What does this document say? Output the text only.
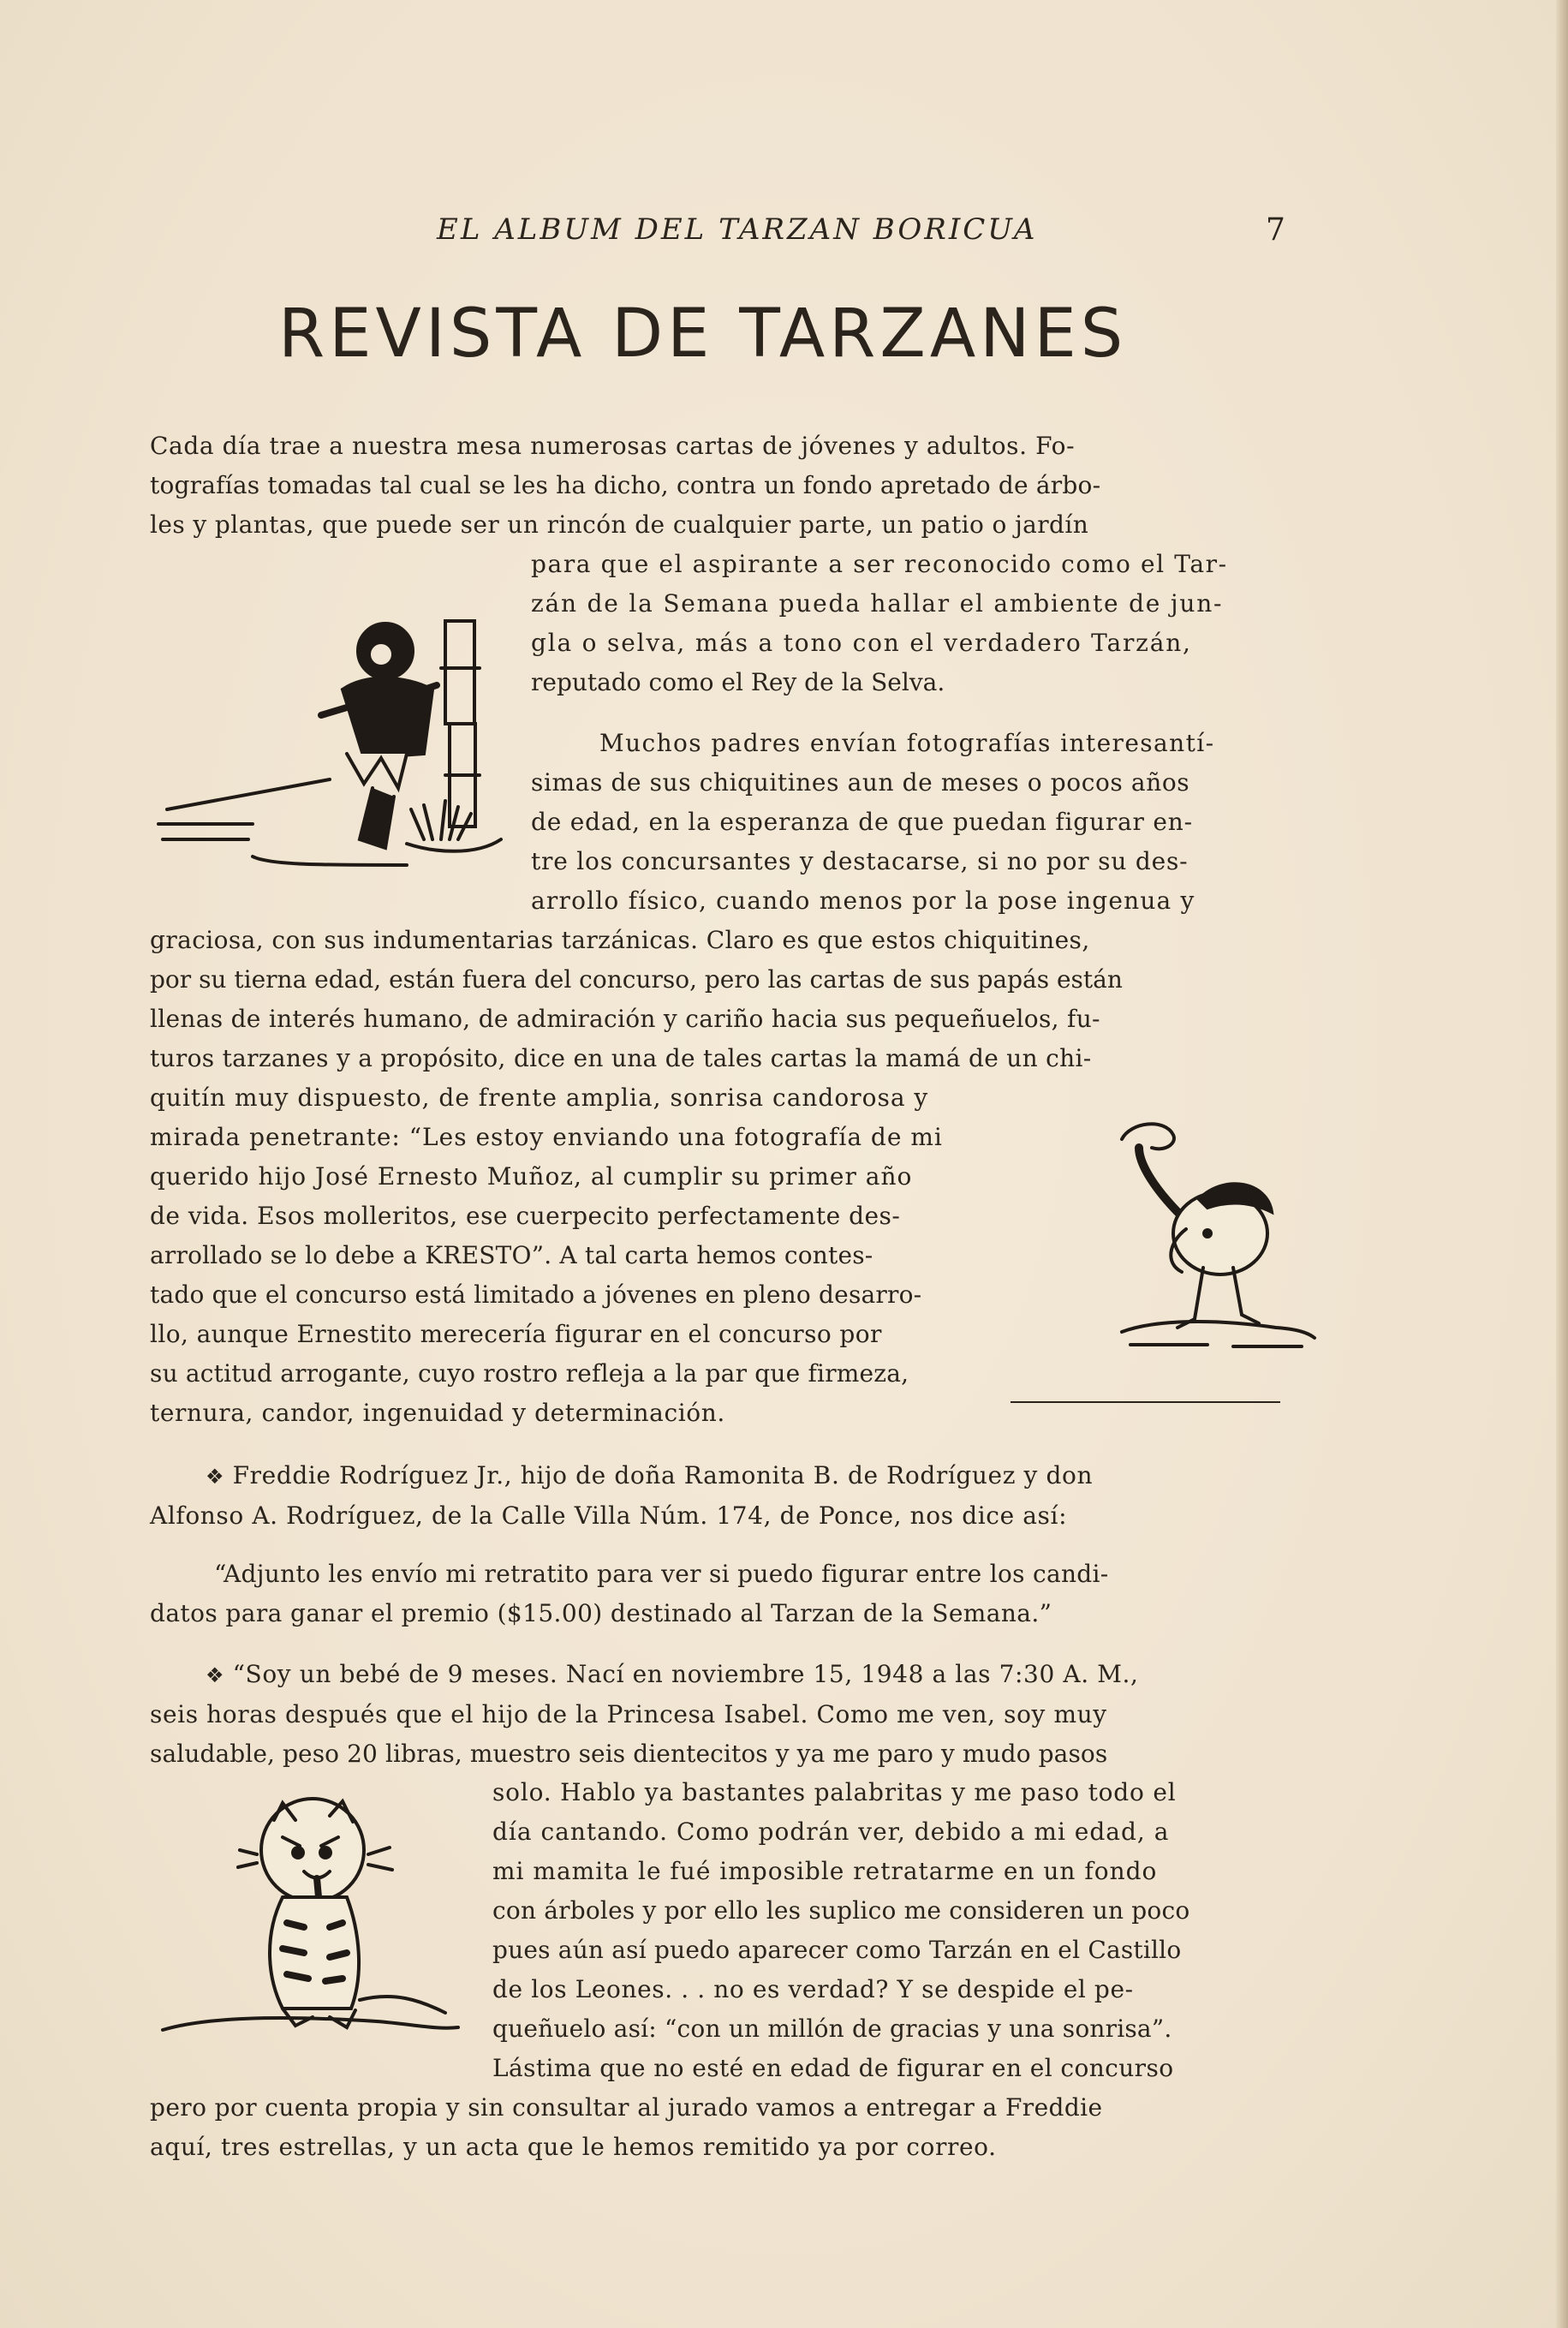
EL ALBUM DEL TARZAN BORICUA	7
REVISTA DE TARZANES
Cada día trae a nuestra mesa numerosas cartas de jóvenes y adultos. Fo-
tografías tomadas tal cual se les ha dicho, contra un fondo apretado de árbo-
les y plantas, que puede ser un rincón de cualquier parte, un patio o jardín
para que el aspirante a ser reconocido como el Tar-
zán de la Semana pueda hallar el ambiente de jun-
gla o selva, más a tono con el verdadero Tarzán,
reputado como el Rey de la Selva.
Muchos padres envían fotografías interesantí-
simas de sus chiquitines aun de meses o pocos años
de edad, en la esperanza de que puedan figurar en-
tre los concursantes y destacarse, si no por su des-
arrollo físico, cuando menos por la pose ingenua y
graciosa, con sus indumentarias tarzánicas. Claro es que estos chiquitines,
por su tierna edad, están fuera del concurso, pero las cartas de sus papás están
llenas de interés humano, de admiración y cariño hacia sus pequeñuelos, fu-
turos tarzanes y a propósito, dice en una de tales cartas la mamá de un chi-
quitín muy dispuesto, de frente amplia, sonrisa candorosa y
mirada penetrante: “Les estoy enviando una fotografía de mi
querido hijo José Ernesto Muñoz, al cumplir su primer año
de vida. Esos molleritos, ese cuerpecito perfectamente des-
arrollado se lo debe a KRESTO”. A tal carta hemos contes-
tado que el concurso está limitado a jóvenes en pleno desarro-
llo, aunque Ernestito merecería figurar en el concurso por
su actitud arrogante, cuyo rostro refleja a la par que firmeza,
ternura, candor, ingenuidad y determinación.
❖ Freddie Rodríguez Jr., hijo de doña Ramonita B. de Rodríguez y don
Alfonso A. Rodríguez, de la Calle Villa Núm. 174, de Ponce, nos dice así:
“Adjunto les envío mi retratito para ver si puedo figurar entre los candi-
datos para ganar el premio ($15.00) destinado al Tarzan de la Semana.”
❖ “Soy un bebé de 9 meses. Nací en noviembre 15, 1948 a las 7:30 A. M.,
seis horas después que el hijo de la Princesa Isabel. Como me ven, soy muy
saludable, peso 20 libras, muestro seis dientecitos y ya me paro y mudo pasos
solo. Hablo ya bastantes palabritas y me paso todo el
día cantando. Como podrán ver, debido a mi edad, a
mi mamita le fué imposible retratarme en un fondo
con árboles y por ello les suplico me consideren un poco
pues aún así puedo aparecer como Tarzán en el Castillo
de los Leones. . . no es verdad? Y se despide el pe-
queñuelo así: “con un millón de gracias y una sonrisa”.
Lástima que no esté en edad de figurar en el concurso
pero por cuenta propia y sin consultar al jurado vamos a entregar a Freddie
aquí, tres estrellas, y un acta que le hemos remitido ya por correo.
